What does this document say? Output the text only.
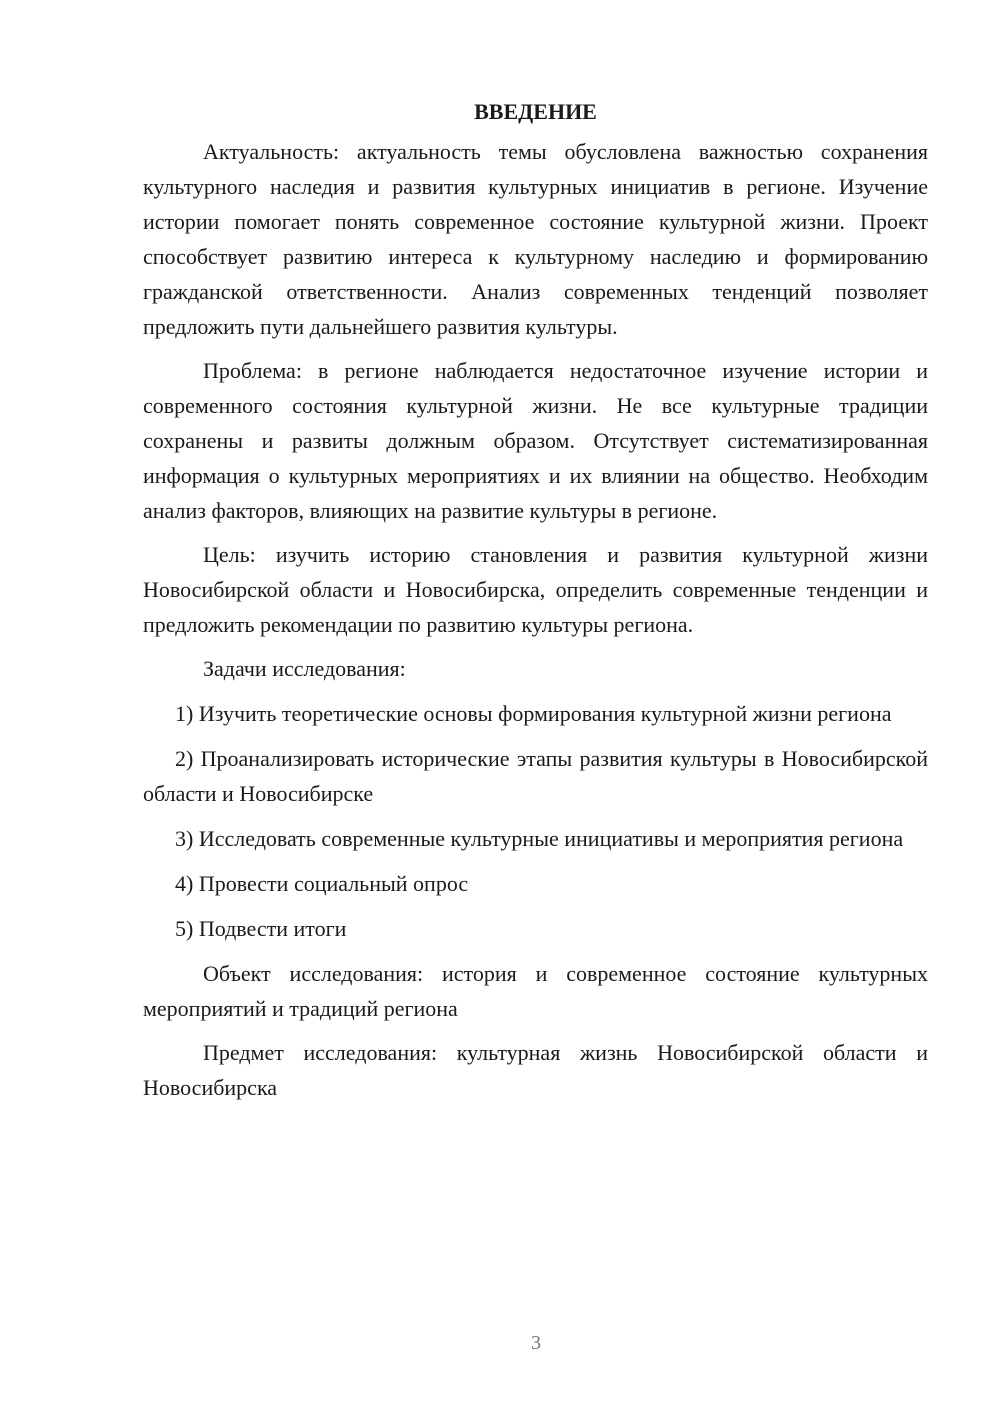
ВВЕДЕНИЕ

Актуальность: актуальность темы обусловлена важностью сохранения культурного наследия и развития культурных инициатив в регионе. Изучение истории помогает понять современное состояние культурной жизни. Проект способствует развитию интереса к культурному наследию и формированию гражданской ответственности. Анализ современных тенденций позволяет предложить пути дальнейшего развития культуры.

Проблема: в регионе наблюдается недостаточное изучение истории и современного состояния культурной жизни. Не все культурные традиции сохранены и развиты должным образом. Отсутствует систематизированная информация о культурных мероприятиях и их влиянии на общество. Необходим анализ факторов, влияющих на развитие культуры в регионе.

Цель: изучить историю становления и развития культурной жизни Новосибирской области и Новосибирска, определить современные тенденции и предложить рекомендации по развитию культуры региона.

Задачи исследования:

1) Изучить теоретические основы формирования культурной жизни региона

2) Проанализировать исторические этапы развития культуры в Новосибирской области и Новосибирске

3) Исследовать современные культурные инициативы и мероприятия региона

4) Провести социальный опрос

5) Подвести итоги

Объект исследования: история и современное состояние культурных мероприятий и традиций региона

Предмет исследования: культурная жизнь Новосибирской области и Новосибирска

3
